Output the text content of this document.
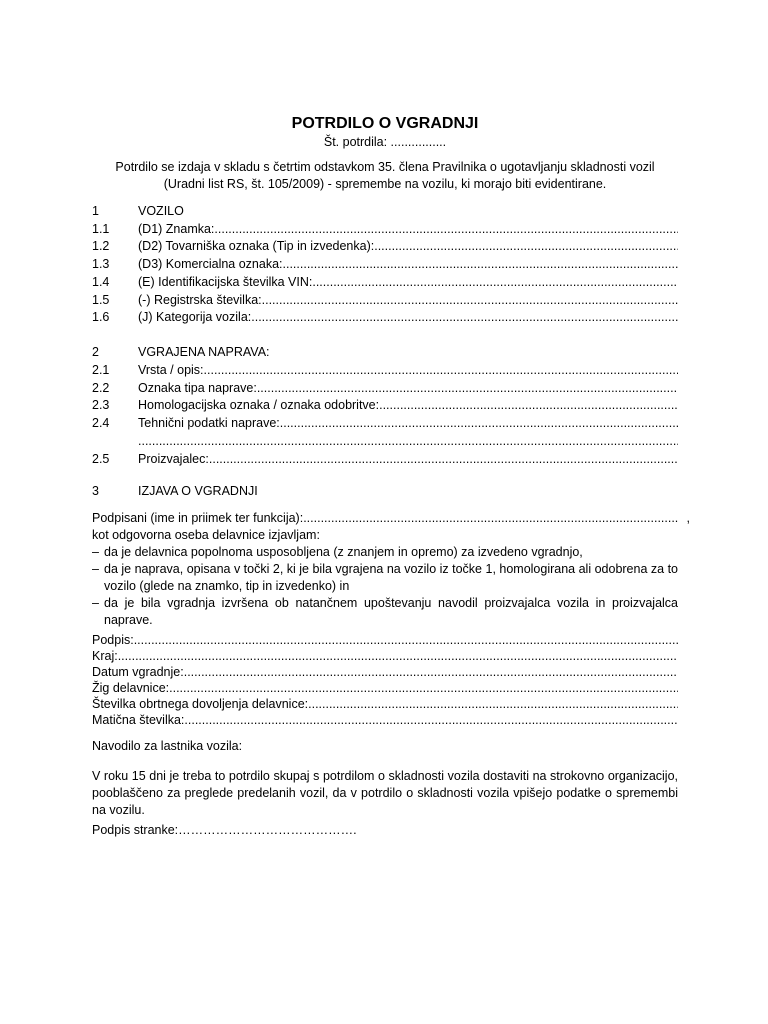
POTRDILO O VGRADNJI
Št. potrdila: ................
Potrdilo se izdaja v skladu s četrtim odstavkom 35. člena Pravilnika o ugotavljanju skladnosti vozil
(Uradni list RS, št. 105/2009) - spremembe na vozilu, ki morajo biti evidentirane.
1	VOZILO
1.1	(D1) Znamka:
.....
1.2	(D2) Tovarniška oznaka (Tip in izvedenka):
.....
1.3	(D3) Komercialna oznaka:
.....
1.4	(E) Identifikacijska številka VIN:
.....
1.5	(-) Registrska številka:
.....
1.6	(J) Kategorija vozila:
.....
2	VGRAJENA NAPRAVA:
2.1	Vrsta / opis:
.....
2.2	Oznaka tipa naprave:
.....
2.3	Homologacijska oznaka / oznaka odobritve:
.....
2.4	Tehnični podatki naprave:
.....
.....
2.5	Proizvajalec:
.....
3	IZJAVA O VGRADNJI
Podpisani (ime in priimek ter funkcija):
.....	,
kot odgovorna oseba delavnice izjavljam:
– da je delavnica popolnoma usposobljena (z znanjem in opremo) za izvedeno vgradnjo,
– da je naprava, opisana v točki 2, ki je bila vgrajena na vozilo iz točke 1, homologirana ali odobrena za to vozilo (glede na znamko, tip in izvedenko) in
– da je bila vgradnja izvršena ob natančnem upoštevanju navodil proizvajalca vozila in proizvajalca naprave.
Podpis:
.....
Kraj:
.....
Datum vgradnje:
.....
Žig delavnice:
.....
Številka obrtnega dovoljenja delavnice:
.....
Matična številka:
.....
Navodilo za lastnika vozila:
V roku 15 dni je treba to potrdilo skupaj s potrdilom o skladnosti vozila dostaviti na strokovno organizacijo, pooblaščeno za preglede predelanih vozil, da v potrdilo o skladnosti vozila vpišejo podatke o spremembi na vozilu.
Podpis stranke:…………………………………….
